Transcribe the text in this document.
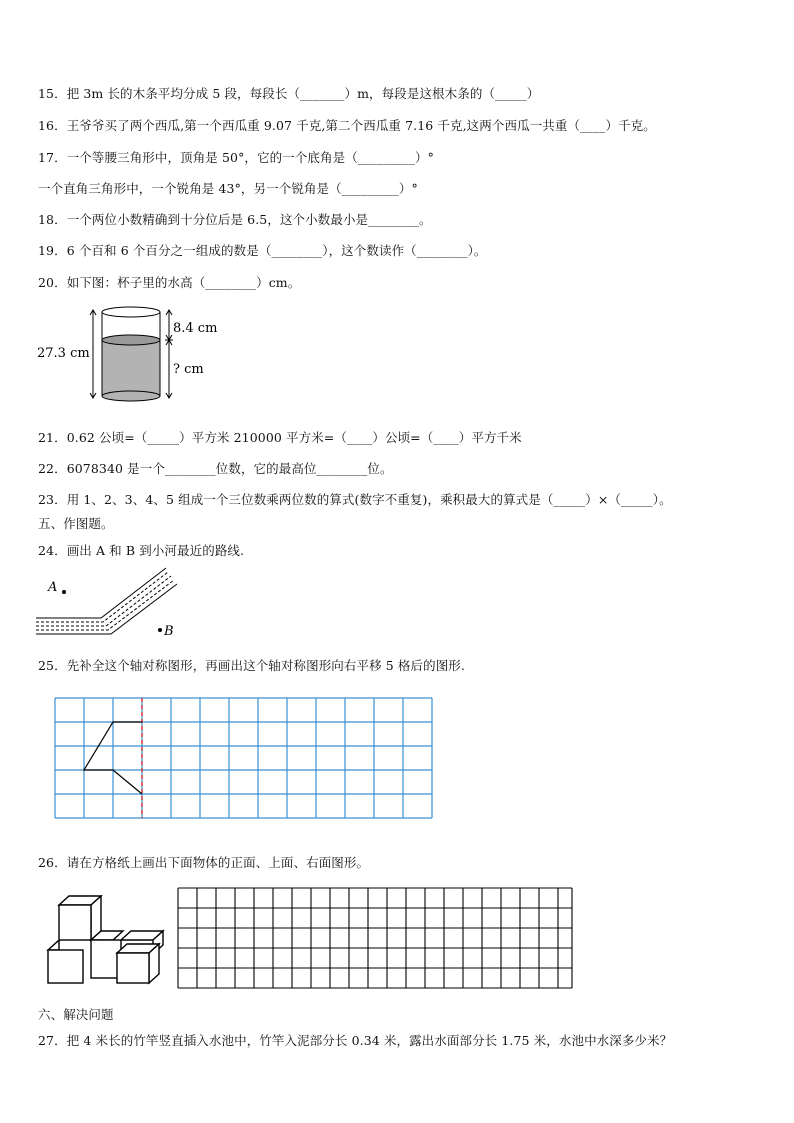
15．把 3m 长的木条平均分成 5 段，每段长（_______）m，每段是这根木条的（_____）
16．王爷爷买了两个西瓜,第一个西瓜重 9.07 千克,第二个西瓜重 7.16 千克,这两个西瓜一共重（____）千克。
17．一个等腰三角形中，顶角是 50°，它的一个底角是（_________）°
一个直角三角形中，一个锐角是 43°，另一个锐角是（_________）°
18．一个两位小数精确到十分位后是 6.5，这个小数最小是________。
19．6 个百和 6 个百分之一组成的数是（________），这个数读作（________）。
20．如下图：杯子里的水高（________）cm。
27.3 cm
8.4 cm
? cm
21．0.62 公顷=（_____）平方米 210000 平方米=（____）公顷=（____）平方千米
22．6078340 是一个________位数，它的最高位________位。
23．用 1、2、3、4、5 组成一个三位数乘两位数的算式(数字不重复)，乘积最大的算式是（_____）×（_____）。
五、作图题。
24．画出 A 和 B 到小河最近的路线.
A
B
25．先补全这个轴对称图形，再画出这个轴对称图形向右平移 5 格后的图形.
26．请在方格纸上画出下面物体的正面、上面、右面图形。
六、解决问题
27．把 4 米长的竹竿竖直插入水池中，竹竿入泥部分长 0.34 米，露出水面部分长 1.75 米，水池中水深多少米？
